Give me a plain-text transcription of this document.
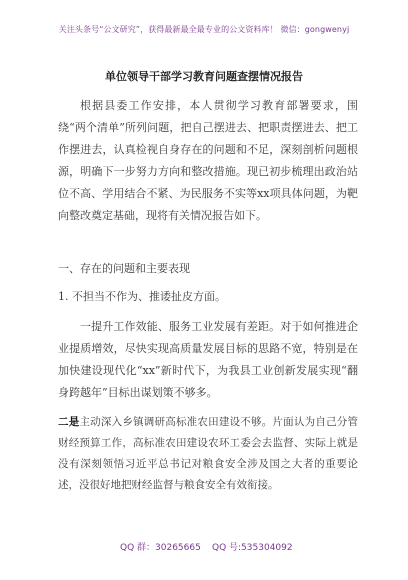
关注头条号“公文研究”，获得最新最全最专业的公文资料库！ 微信：gongwenyj
单位领导干部学习教育问题查摆情况报告
根据县委工作安排，本人贯彻学习教育部署要求，围绕“两个清单”所列问题，把自己摆进去、把职责摆进去、把工作摆进去，认真检视自身存在的问题和不足，深刻剖析问题根源，明确下一步努力方向和整改措施。现已初步梳理出政治站位不高、学用结合不紧、为民服务不实等xx项具体问题，为靶向整改奠定基础，现将有关情况报告如下。
一、存在的问题和主要表现
1. 不担当不作为、推诿扯皮方面。
一提升工作效能、服务工业发展有差距。对于如何推进企业提质增效，尽快实现高质量发展目标的思路不宽，特别是在加快建设现代化“xx”新时代下，为我县工业创新发展实现“翻身跨越年”目标出谋划策不够多。
二是主动深入乡镇调研高标准农田建设不够。片面认为自己分管财经预算工作，高标准农田建设农环工委会去监督、实际上就是没有深刻领悟习近平总书记对粮食安全涉及国之大者的重要论述，没很好地把财经监督与粮食安全有效衔接。
QQ 群：30265665 QQ 号:535304092
